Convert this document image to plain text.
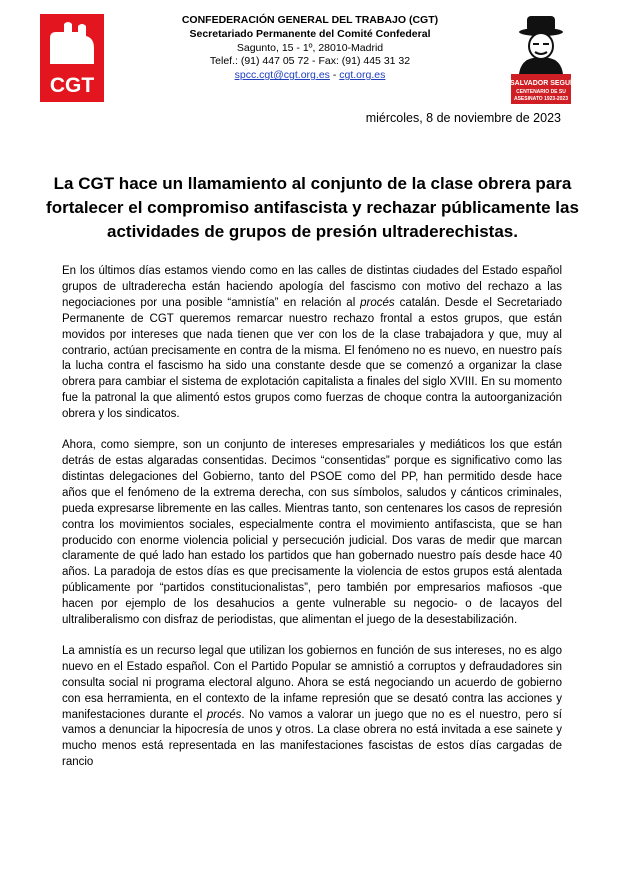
CGT
CONFEDERACIÓN GENERAL DEL TRABAJO (CGT)
Secretariado Permanente del Comité Confederal
Sagunto, 15 - 1º, 28010-Madrid
Telef.: (91) 447 05 72 - Fax: (91) 445 31 32
spcc.cgt@cgt.org.es - cgt.org.es
SALVADOR SEGUÍ
CENTENARIO DE SU
ASESINATO 1923-2023
miércoles, 8 de noviembre de 2023
La CGT hace un llamamiento al conjunto de la clase obrera para fortalecer el compromiso antifascista y rechazar públicamente las actividades de grupos de presión ultraderechistas.

En los últimos días estamos viendo como en las calles de distintas ciudades del Estado español grupos de ultraderecha están haciendo apología del fascismo con motivo del rechazo a las negociaciones por una posible “amnistía” en relación al procés catalán. Desde el Secretariado Permanente de CGT queremos remarcar nuestro rechazo frontal a estos grupos, que están movidos por intereses que nada tienen que ver con los de la clase trabajadora y que, muy al contrario, actúan precisamente en contra de la misma. El fenómeno no es nuevo, en nuestro país la lucha contra el fascismo ha sido una constante desde que se comenzó a organizar la clase obrera para cambiar el sistema de explotación capitalista a finales del siglo XVIII. En su momento fue la patronal la que alimentó estos grupos como fuerzas de choque contra la autoorganización obrera y los sindicatos.

Ahora, como siempre, son un conjunto de intereses empresariales y mediáticos los que están detrás de estas algaradas consentidas. Decimos “consentidas” porque es significativo como las distintas delegaciones del Gobierno, tanto del PSOE como del PP, han permitido desde hace años que el fenómeno de la extrema derecha, con sus símbolos, saludos y cánticos criminales, pueda expresarse libremente en las calles. Mientras tanto, son centenares los casos de represión contra los movimientos sociales, especialmente contra el movimiento antifascista, que se han producido con enorme violencia policial y persecución judicial. Dos varas de medir que marcan claramente de qué lado han estado los partidos que han gobernado nuestro país desde hace 40 años. La paradoja de estos días es que precisamente la violencia de estos grupos está alentada públicamente por “partidos constitucionalistas”, pero también por empresarios mafiosos -que hacen por ejemplo de los desahucios a gente vulnerable su negocio- o de lacayos del ultraliberalismo con disfraz de periodistas, que alimentan el juego de la desestabilización.

La amnistía es un recurso legal que utilizan los gobiernos en función de sus intereses, no es algo nuevo en el Estado español. Con el Partido Popular se amnistió a corruptos y defraudadores sin consulta social ni programa electoral alguno. Ahora se está negociando un acuerdo de gobierno con esa herramienta, en el contexto de la infame represión que se desató contra las acciones y manifestaciones durante el procés. No vamos a valorar un juego que no es el nuestro, pero sí vamos a denunciar la hipocresía de unos y otros. La clase obrera no está invitada a ese sainete y mucho menos está representada en las manifestaciones fascistas de estos días cargadas de rancio
